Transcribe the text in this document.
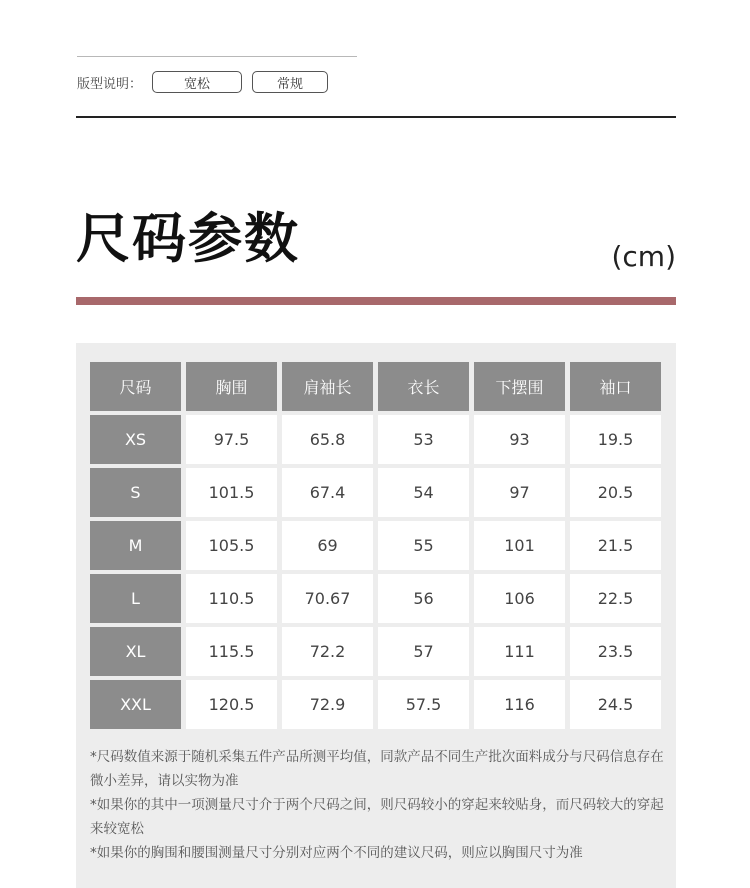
版型说明：	宽松	常规
尺码参数	(cm)
尺码	胸围	肩袖长	衣长	下摆围	袖口
XS	97.5	65.8	53	93	19.5
S	101.5	67.4	54	97	20.5
M	105.5	69	55	101	21.5
L	110.5	70.67	56	106	22.5
XL	115.5	72.2	57	111	23.5
XXL	120.5	72.9	57.5	116	24.5

*尺码数值来源于随机采集五件产品所测平均值，同款产品不同生产批次面料成分与尺码信息存在微小差异，请以实物为准

*如果你的其中一项测量尺寸介于两个尺码之间，则尺码较小的穿起来较贴身，而尺码较大的穿起来较宽松

*如果你的胸围和腰围测量尺寸分别对应两个不同的建议尺码，则应以胸围尺寸为准
